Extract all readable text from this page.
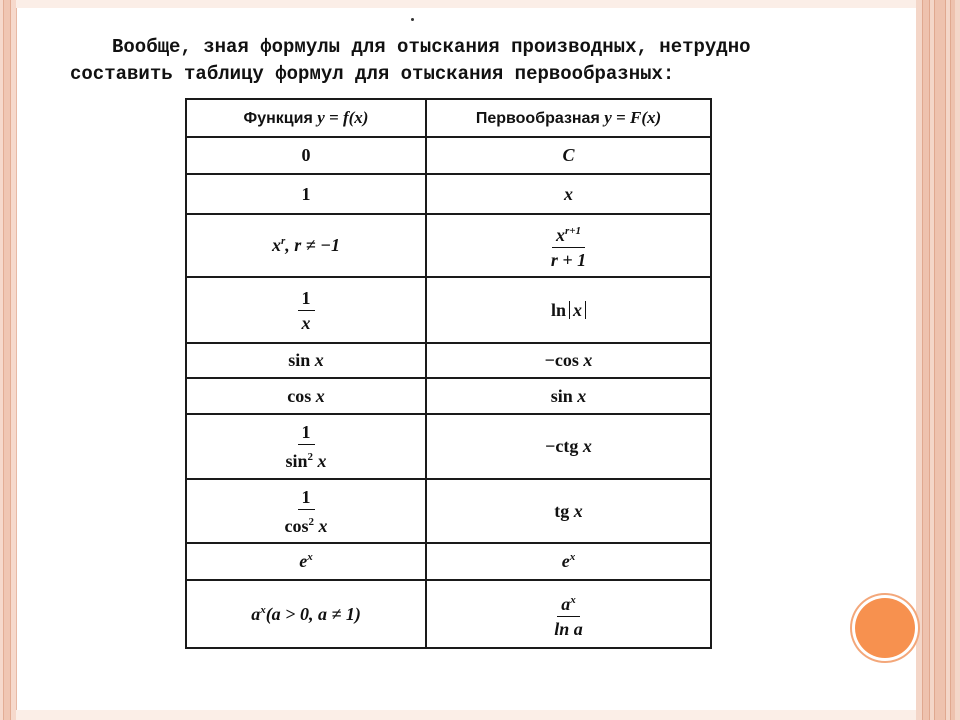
Вообще, зная формулы для отыскания производных, нетрудно
составить таблицу формул для отыскания первообразных:
Функция y = f(x)	Первообразная y = F(x)
0	C
1	x
$x^r$, r ≠ −1	$\frac{x^{r+1}}{r + 1}$

$\frac{1}{x}$	ln x
sin x	−cos x
cos x	sin x

$\frac{1}{\sin^2 x}$	−ctg x

$\frac{1}{\cos^2 x}$	tg x
$e^x$	$e^x$
$a^x(a > 0$, a ≠ 1)	$\frac{a^x}{\text{ln a}}$
